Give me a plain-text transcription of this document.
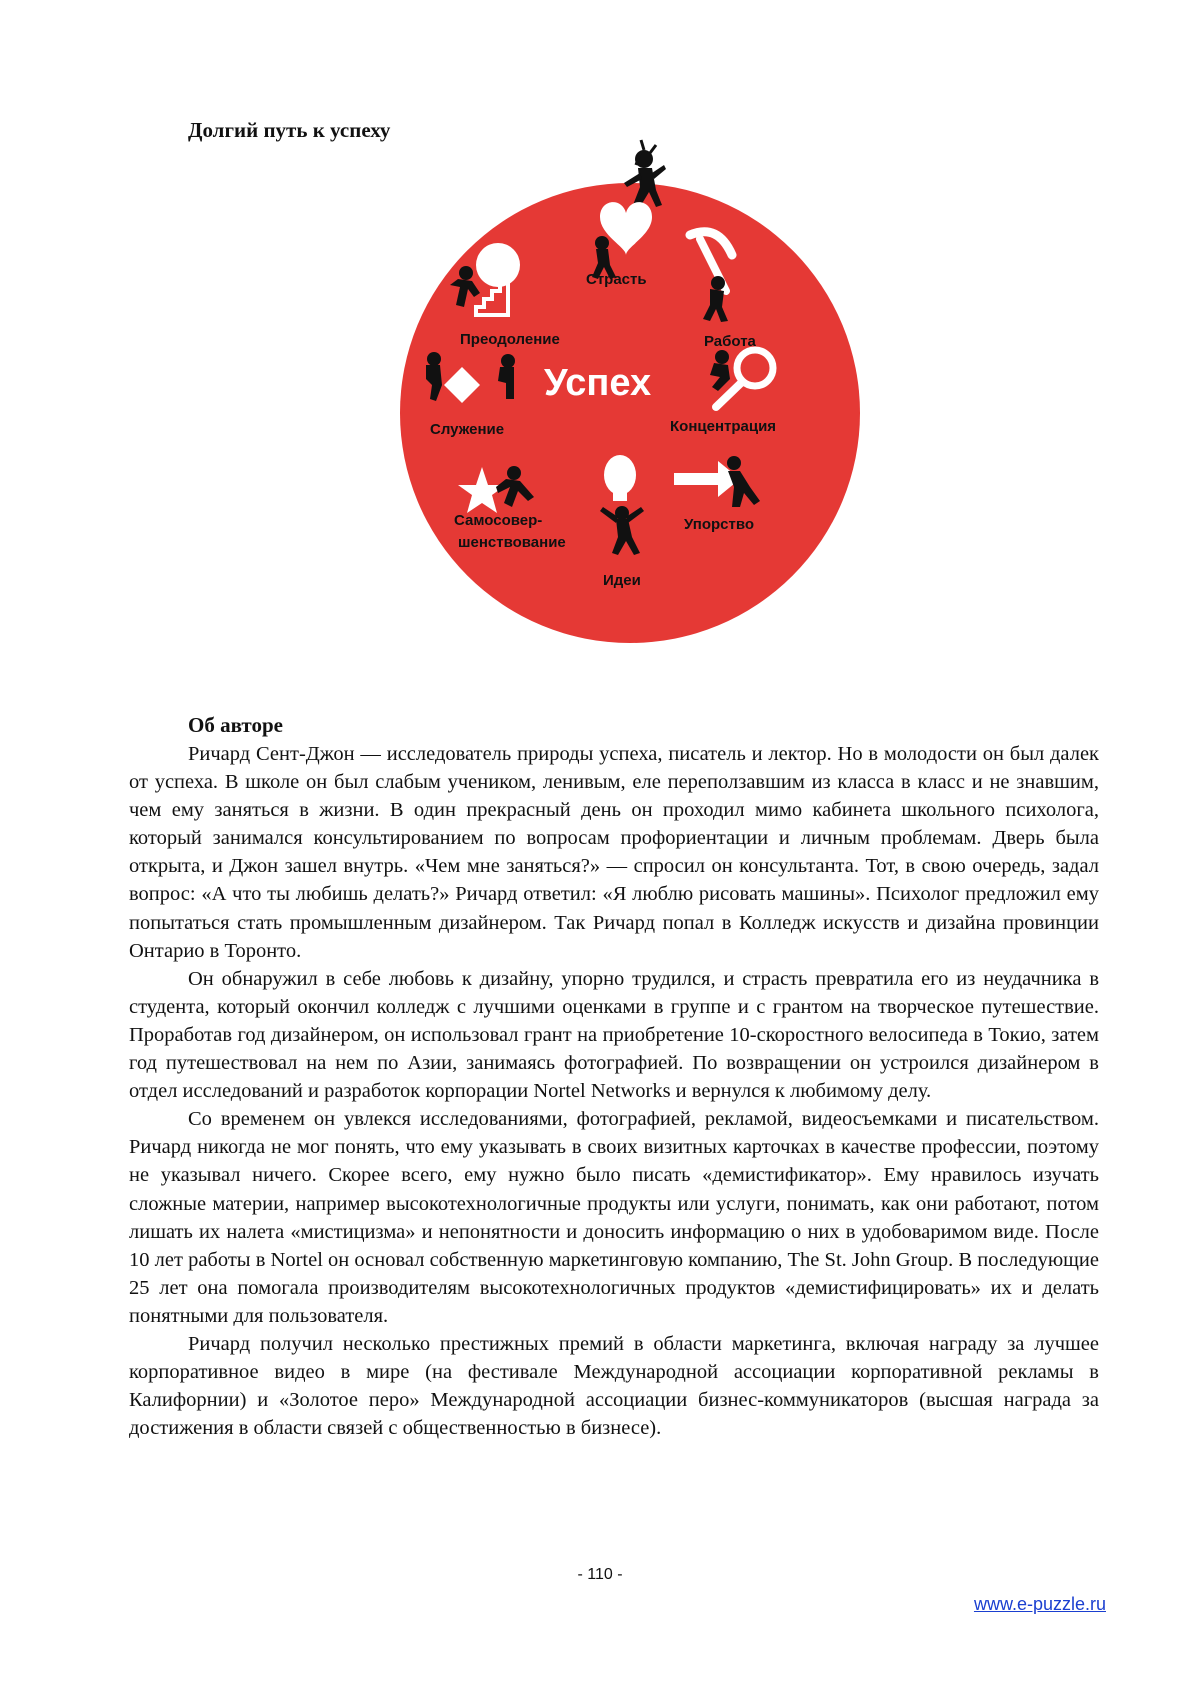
Долгий путь к успеху
Страсть
Работа
Концентрация
Упорство
Идеи
Самосовер-
шенствование
Служение
Преодоление
Успех
Об авторе

Ричард Сент-Джон — исследователь природы успеха, писатель и лектор. Но в молодости он был далек от успеха. В школе он был слабым учеником, ленивым, еле переползавшим из класса в класс и не знавшим, чем ему заняться в жизни. В один прекрасный день он проходил мимо кабинета школьного психолога, который занимался консультированием по вопросам профориентации и личным проблемам. Дверь была открыта, и Джон зашел внутрь. «Чем мне заняться?» — спросил он консультанта. Тот, в свою очередь, задал вопрос: «А что ты любишь делать?» Ричард ответил: «Я люблю рисовать машины». Психолог предложил ему попытаться стать промышленным дизайнером. Так Ричард попал в Колледж искусств и дизайна провинции Онтарио в Торонто.

Он обнаружил в себе любовь к дизайну, упорно трудился, и страсть превратила его из неудачника в студента, который окончил колледж с лучшими оценками в группе и с грантом на творческое путешествие. Проработав год дизайнером, он использовал грант на приобретение 10-скоростного велосипеда в Токио, затем год путешествовал на нем по Азии, занимаясь фотографией. По возвращении он устроился дизайнером в отдел исследований и разработок корпорации Nortel Networks и вернулся к любимому делу.

Со временем он увлекся исследованиями, фотографией, рекламой, видеосъемками и писательством. Ричард никогда не мог понять, что ему указывать в своих визитных карточках в качестве профессии, поэтому не указывал ничего. Скорее всего, ему нужно было писать «демистификатор». Ему нравилось изучать сложные материи, например высокотехнологичные продукты или услуги, понимать, как они работают, потом лишать их налета «мистицизма» и непонятности и доносить информацию о них в удобоваримом виде. После 10 лет работы в Nortel он основал собственную маркетинговую компанию, The St. John Group. В последующие 25 лет она помогала производителям высокотехнологичных продуктов «демистифицировать» их и делать понятными для пользователя.

Ричард получил несколько престижных премий в области маркетинга, включая награду за лучшее корпоративное видео в мире (на фестивале Международной ассоциации корпоративной рекламы в Калифорнии) и «Золотое перо» Международной ассоциации бизнес-коммуникаторов (высшая награда за достижения в области связей с общественностью в бизнесе).

- 110 -
www.e-puzzle.ru
